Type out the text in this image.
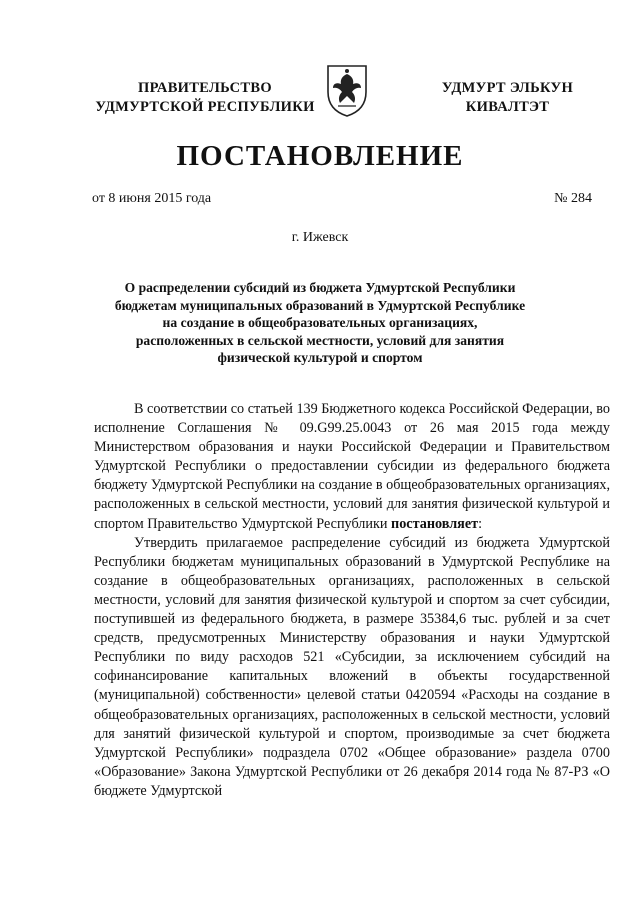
ПРАВИТЕЛЬСТВО
УДМУРТСКОЙ РЕСПУБЛИКИ
УДМУРТ ЭЛЬКУН
КИВАЛТЭТ
ПОСТАНОВЛЕНИЕ
от 8 июня 2015 года	№ 284
г. Ижевск
О распределении субсидий из бюджета Удмуртской Республики
бюджетам муниципальных образований в Удмуртской Республике
на создание в общеобразовательных организациях,
расположенных в сельской местности, условий для занятия
физической культурой и спортом

В соответствии со статьей 139 Бюджетного кодекса Российской Федерации, во исполнение Соглашения № 09.G99.25.0043 от 26 мая 2015 года между Министерством образования и науки Российской Федерации и Правительством Удмуртской Республики о предоставлении субсидии из федерального бюджета бюджету Удмуртской Республики на создание в общеобразовательных организациях, расположенных в сельской местности, условий для занятия физической культурой и спортом Правительство Удмуртской Республики постановляет:

Утвердить прилагаемое распределение субсидий из бюджета Удмуртской Республики бюджетам муниципальных образований в Удмуртской Республике на создание в общеобразовательных организациях, расположенных в сельской местности, условий для занятия физической культурой и спортом за счет субсидии, поступившей из федерального бюджета, в размере 35384,6 тыс. рублей и за счет средств, предусмотренных Министерству образования и науки Удмуртской Республики по виду расходов 521 «Субсидии, за исключением субсидий на софинансирование капитальных вложений в объекты государственной (муниципальной) собственности» целевой статьи 0420594 «Расходы на создание в общеобразовательных организациях, расположенных в сельской местности, условий для занятий физической культурой и спортом, производимые за счет бюджета Удмуртской Республики» подраздела 0702 «Общее образование» раздела 0700 «Образование» Закона Удмуртской Республики от 26 декабря 2014 года № 87-РЗ «О бюджете Удмуртской
